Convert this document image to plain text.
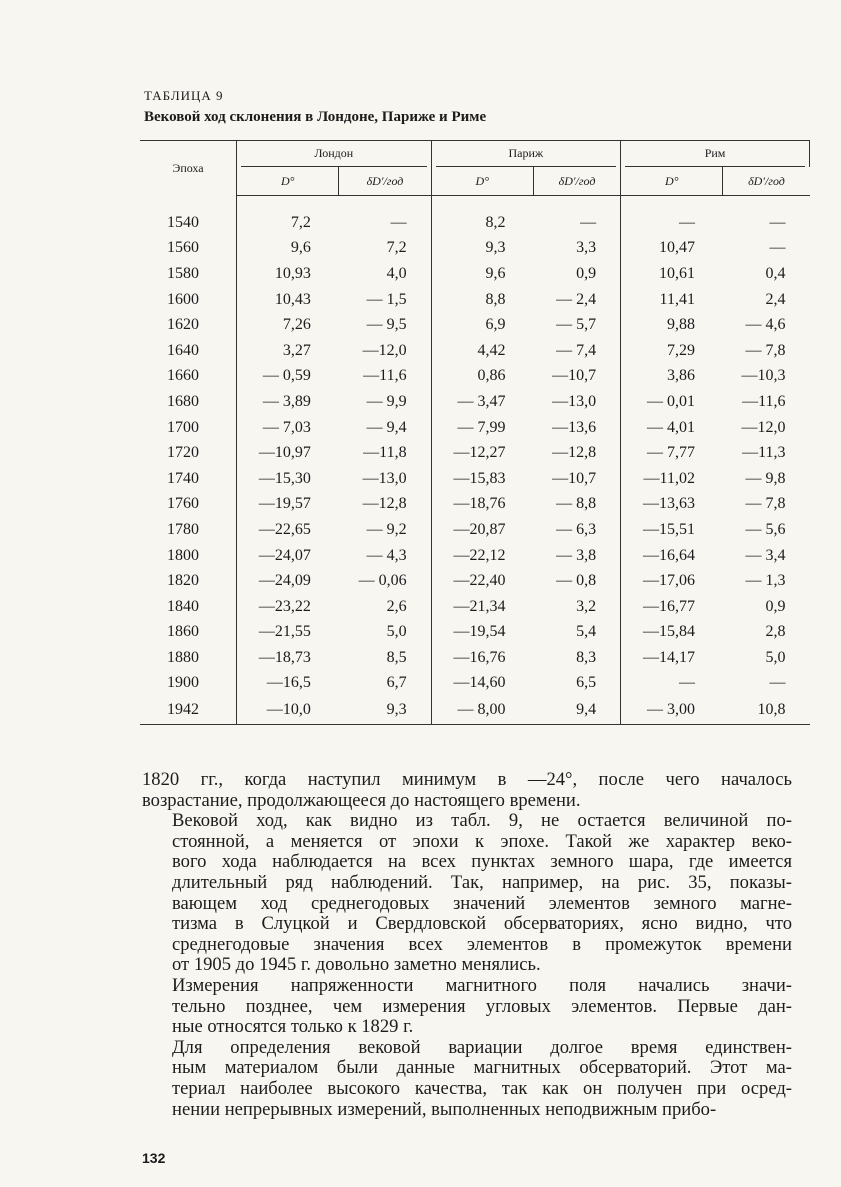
ТАБЛИЦА 9
Вековой ход склонения в Лондоне, Париже и Риме

Эпоха	Лондон		Париж		Рим	

	D°	δD′/год	D°	δD′/год	D°	δD′/год

1540	7,2	—	8,2	—	—	—
1560	9,6	7,2	9,3	3,3	10,47	—
1580	10,93	4,0	9,6	0,9	10,61	0,4
1600	10,43	— 1,5	8,8	— 2,4	11,41	2,4
1620	7,26	— 9,5	6,9	— 5,7	9,88	— 4,6
1640	3,27	—12,0	4,42	— 7,4	7,29	— 7,8
1660	— 0,59	—11,6	0,86	—10,7	3,86	—10,3
1680	— 3,89	— 9,9	— 3,47	—13,0	— 0,01	—11,6
1700	— 7,03	— 9,4	— 7,99	—13,6	— 4,01	—12,0
1720	—10,97	—11,8	—12,27	—12,8	— 7,77	—11,3
1740	—15,30	—13,0	—15,83	—10,7	—11,02	— 9,8
1760	—19,57	—12,8	—18,76	— 8,8	—13,63	— 7,8
1780	—22,65	— 9,2	—20,87	— 6,3	—15,51	— 5,6
1800	—24,07	— 4,3	—22,12	— 3,8	—16,64	— 3,4
1820	—24,09	— 0,06	—22,40	— 0,8	—17,06	— 1,3
1840	—23,22	2,6	—21,34	3,2	—16,77	0,9
1860	—21,55	5,0	—19,54	5,4	—15,84	2,8
1880	—18,73	8,5	—16,76	8,3	—14,17	5,0
1900	—16,5	6,7	—14,60	6,5	—	—
1942	—10,0	9,3	— 8,00	9,4	— 3,00	10,8

1820 гг., когда наступил минимум в —24°, после чего началось
возрастание, продолжающееся до настоящего времени.

Вековой ход, как видно из табл. 9, не остается величиной по-
стоянной, а меняется от эпохи к эпохе. Такой же характер веко-
вого хода наблюдается на всех пунктах земного шара, где имеется
длительный ряд наблюдений. Так, например, на рис. 35, показы-
вающем ход среднегодовых значений элементов земного магне-
тизма в Слуцкой и Свердловской обсерваториях, ясно видно, что
среднегодовые значения всех элементов в промежуток времени
от 1905 до 1945 г. довольно заметно менялись.

Измерения напряженности магнитного поля начались значи-
тельно позднее, чем измерения угловых элементов. Первые дан-
ные относятся только к 1829 г.

Для определения вековой вариации долгое время единствен-
ным материалом были данные магнитных обсерваторий. Этот ма-
териал наиболее высокого качества, так как он получен при осред-
нении непрерывных измерений, выполненных неподвижным прибо-

132
